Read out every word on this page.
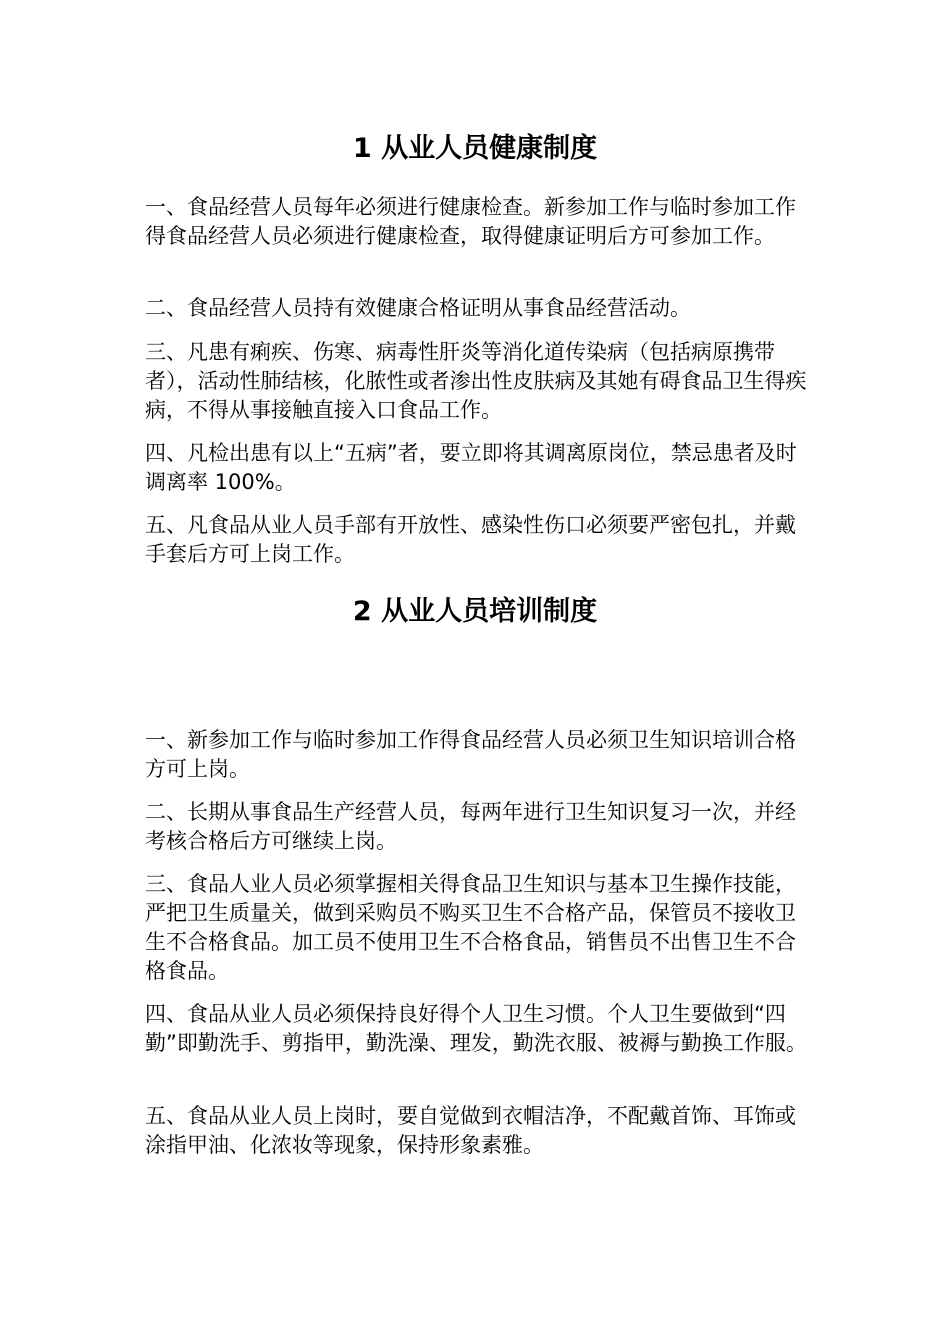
1 从业人员健康制度

一、食品经营人员每年必须进行健康检查。新参加工作与临时参加工作得食品经营人员必须进行健康检查，取得健康证明后方可参加工作。

二、食品经营人员持有效健康合格证明从事食品经营活动。

三、凡患有痢疾、伤寒、病毒性肝炎等消化道传染病（包括病原携带者），活动性肺结核，化脓性或者渗出性皮肤病及其她有碍食品卫生得疾病，不得从事接触直接入口食品工作。

四、凡检出患有以上“五病”者，要立即将其调离原岗位，禁忌患者及时调离率 100%。

五、凡食品从业人员手部有开放性、感染性伤口必须要严密包扎，并戴手套后方可上岗工作。

2 从业人员培训制度

一、新参加工作与临时参加工作得食品经营人员必须卫生知识培训合格方可上岗。

二、长期从事食品生产经营人员，每两年进行卫生知识复习一次，并经考核合格后方可继续上岗。

三、食品人业人员必须掌握相关得食品卫生知识与基本卫生操作技能，严把卫生质量关，做到采购员不购买卫生不合格产品，保管员不接收卫生不合格食品。加工员不使用卫生不合格食品，销售员不出售卫生不合格食品。

四、食品从业人员必须保持良好得个人卫生习惯。个人卫生要做到“四勤”即勤洗手、剪指甲，勤洗澡、理发，勤洗衣服、被褥与勤换工作服。

五、食品从业人员上岗时，要自觉做到衣帽洁净，不配戴首饰、耳饰或涂指甲油、化浓妆等现象，保持形象素雅。
